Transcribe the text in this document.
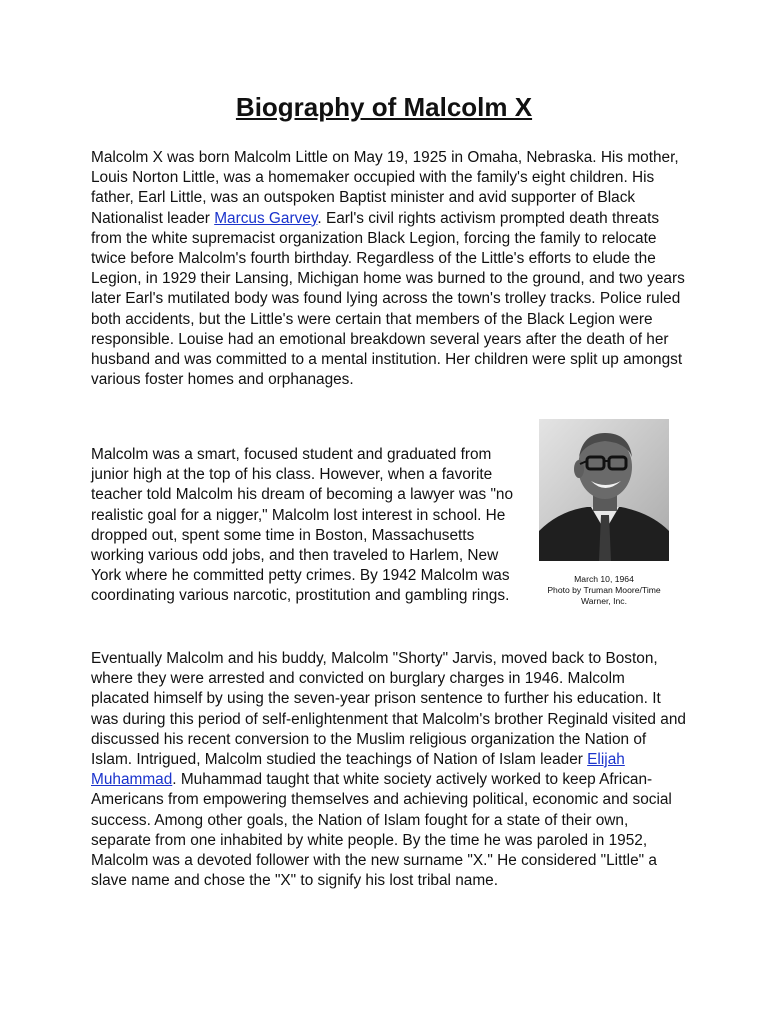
Biography of Malcolm X

Malcolm X was born Malcolm Little on May 19, 1925 in Omaha, Nebraska. His mother, Louis Norton Little, was a homemaker occupied with the family's eight children. His father, Earl Little, was an outspoken Baptist minister and avid supporter of Black Nationalist leader Marcus Garvey. Earl's civil rights activism prompted death threats from the white supremacist organization Black Legion, forcing the family to relocate twice before Malcolm's fourth birthday. Regardless of the Little's efforts to elude the Legion, in 1929 their Lansing, Michigan home was burned to the ground, and two years later Earl's mutilated body was found lying across the town's trolley tracks. Police ruled both accidents, but the Little's were certain that members of the Black Legion were responsible. Louise had an emotional breakdown several years after the death of her husband and was committed to a mental institution. Her children were split up amongst various foster homes and orphanages.

Malcolm was a smart, focused student and graduated from junior high at the top of his class. However, when a favorite teacher told Malcolm his dream of becoming a lawyer was "no realistic goal for a nigger," Malcolm lost interest in school. He dropped out, spent some time in Boston, Massachusetts working various odd jobs, and then traveled to Harlem, New York where he committed petty crimes. By 1942 Malcolm was coordinating various narcotic, prostitution and gambling rings.

March 10, 1964
Photo by Truman Moore/Time Warner, Inc.

Eventually Malcolm and his buddy, Malcolm "Shorty" Jarvis, moved back to Boston, where they were arrested and convicted on burglary charges in 1946. Malcolm placated himself by using the seven-year prison sentence to further his education. It was during this period of self-enlightenment that Malcolm's brother Reginald visited and discussed his recent conversion to the Muslim religious organization the Nation of Islam. Intrigued, Malcolm studied the teachings of Nation of Islam leader Elijah Muhammad. Muhammad taught that white society actively worked to keep African-Americans from empowering themselves and achieving political, economic and social success. Among other goals, the Nation of Islam fought for a state of their own, separate from one inhabited by white people. By the time he was paroled in 1952, Malcolm was a devoted follower with the new surname "X." He considered "Little" a slave name and chose the "X" to signify his lost tribal name.
